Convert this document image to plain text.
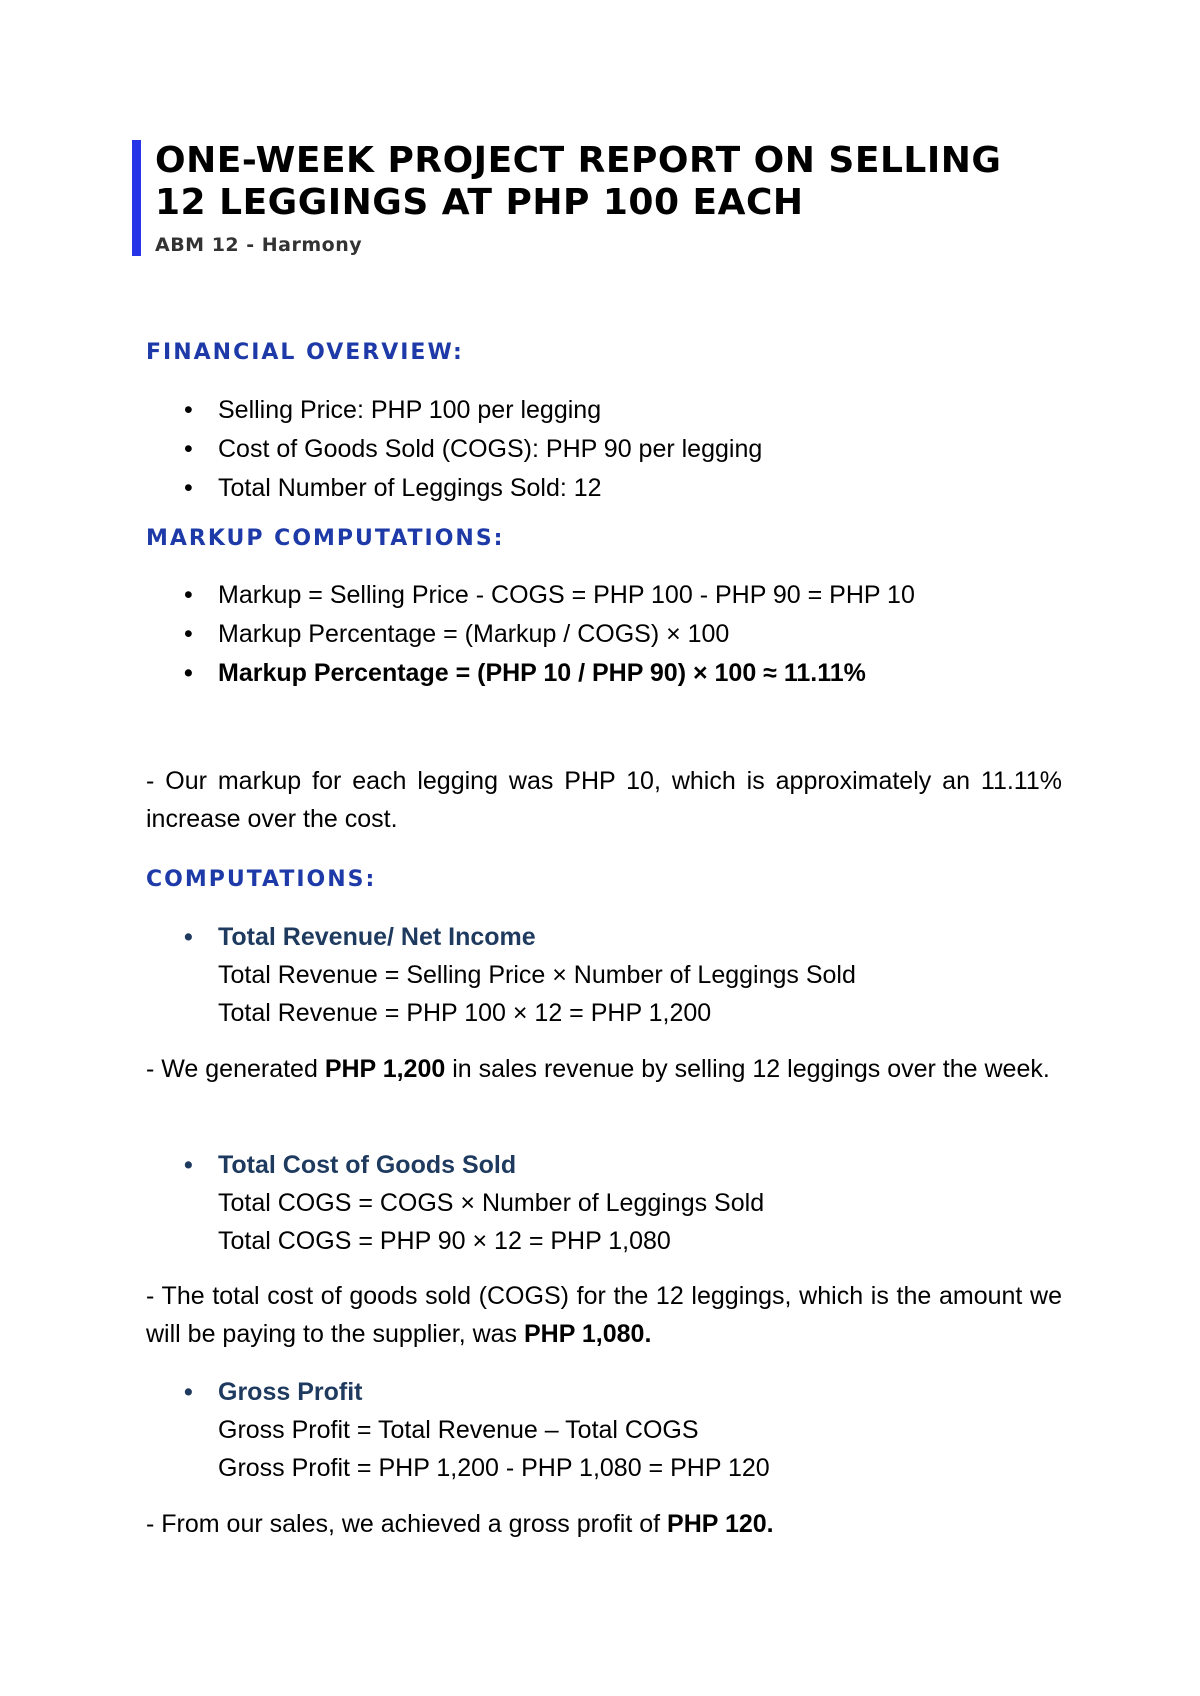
ONE-WEEK PROJECT REPORT ON SELLING 12 LEGGINGS AT PHP 100 EACH
ABM 12 - Harmony
FINANCIAL OVERVIEW:
• Selling Price: PHP 100 per legging
• Cost of Goods Sold (COGS): PHP 90 per legging
• Total Number of Leggings Sold: 12
MARKUP COMPUTATIONS:
• Markup = Selling Price - COGS = PHP 100 - PHP 90 = PHP 10
• Markup Percentage = (Markup / COGS) × 100
• Markup Percentage = (PHP 10 / PHP 90) × 100 ≈ 11.11%

- Our markup for each legging was PHP 10, which is approximately an 11.11% increase over the cost.

COMPUTATIONS:
• Total Revenue/ Net Income
Total Revenue = Selling Price × Number of Leggings Sold
Total Revenue = PHP 100 × 12 = PHP 1,200

- We generated PHP 1,200 in sales revenue by selling 12 leggings over the week.

• Total Cost of Goods Sold
Total COGS = COGS × Number of Leggings Sold
Total COGS = PHP 90 × 12 = PHP 1,080

- The total cost of goods sold (COGS) for the 12 leggings, which is the amount we will be paying to the supplier, was PHP 1,080.

• Gross Profit
Gross Profit = Total Revenue – Total COGS
Gross Profit = PHP 1,200 - PHP 1,080 = PHP 120

- From our sales, we achieved a gross profit of PHP 120.
